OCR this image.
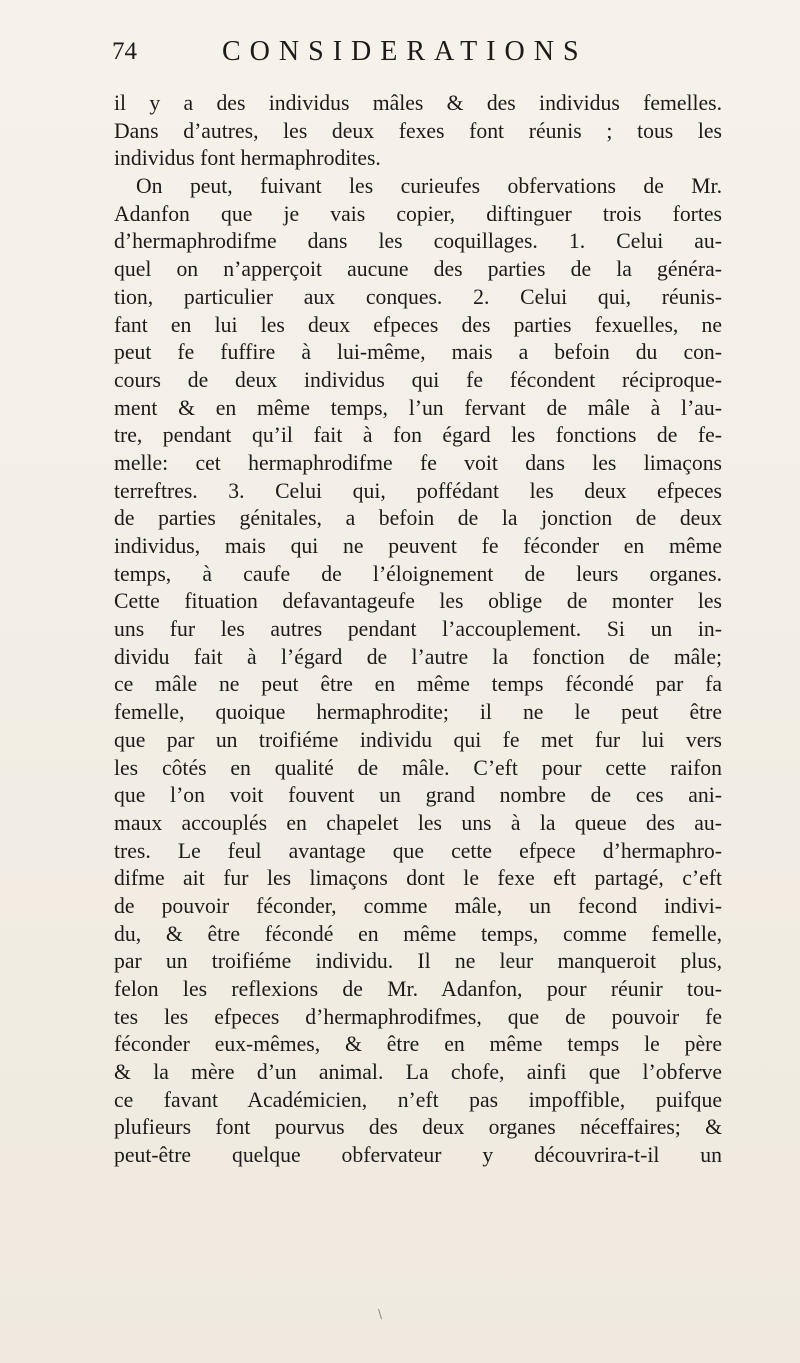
74	CONSIDERATIONS
il y a des individus mâles & des individus femelles.
Dans d’autres, les deux fexes font réunis ; tous les
individus font hermaphrodites.
On peut, fuivant les curieufes obfervations de Mr.
Adanfon que je vais copier, diftinguer trois fortes
d’hermaphrodifme dans les coquillages. 1. Celui au-
quel on n’apperçoit aucune des parties de la généra-
tion, particulier aux conques. 2. Celui qui, réunis-
fant en lui les deux efpeces des parties fexuelles, ne
peut fe fuffire à lui-même, mais a befoin du con-
cours de deux individus qui fe fécondent réciproque-
ment & en même temps, l’un fervant de mâle à l’au-
tre, pendant qu’il fait à fon égard les fonctions de fe-
melle: cet hermaphrodifme fe voit dans les limaçons
terreftres. 3. Celui qui, poffédant les deux efpeces
de parties génitales, a befoin de la jonction de deux
individus, mais qui ne peuvent fe féconder en même
temps, à caufe de l’éloignement de leurs organes.
Cette fituation defavantageufe les oblige de monter les
uns fur les autres pendant l’accouplement. Si un in-
dividu fait à l’égard de l’autre la fonction de mâle;
ce mâle ne peut être en même temps fécondé par fa
femelle, quoique hermaphrodite; il ne le peut être
que par un troifiéme individu qui fe met fur lui vers
les côtés en qualité de mâle. C’eft pour cette raifon
que l’on voit fouvent un grand nombre de ces ani-
maux accouplés en chapelet les uns à la queue des au-
tres. Le feul avantage que cette efpece d’hermaphro-
difme ait fur les limaçons dont le fexe eft partagé, c’eft
de pouvoir féconder, comme mâle, un fecond indivi-
du, & être fécondé en même temps, comme femelle,
par un troifiéme individu. Il ne leur manqueroit plus,
felon les reflexions de Mr. Adanfon, pour réunir tou-
tes les efpeces d’hermaphrodifmes, que de pouvoir fe
féconder eux-mêmes, & être en même temps le père
& la mère d’un animal. La chofe, ainfi que l’obferve
ce favant Académicien, n’eft pas impoffible, puifque
plufieurs font pourvus des deux organes néceffaires; &
peut-être quelque obfervateur y découvrira-t-il un
\
